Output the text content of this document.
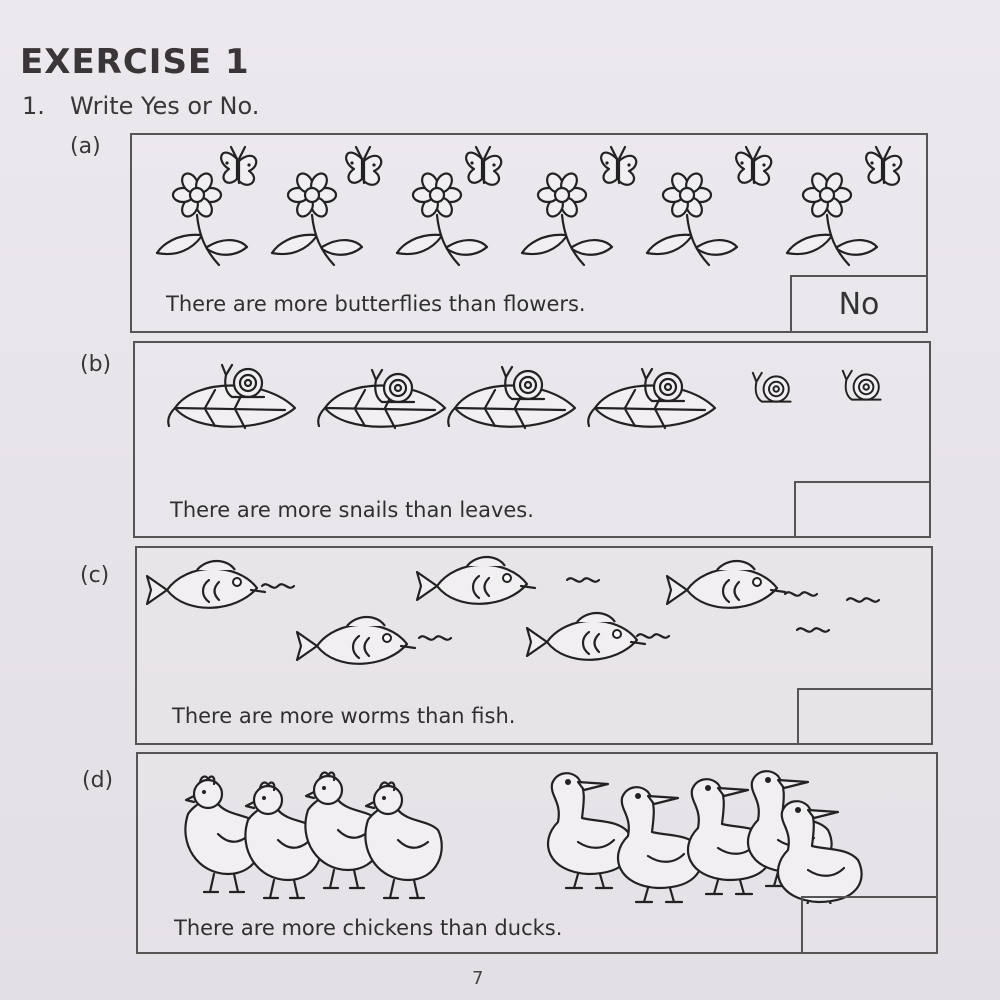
EXERCISE 1
1. Write Yes or No.
(a)
There are more butterflies than flowers.	No
(b)
There are more snails than leaves.
(c)
There are more worms than fish.
(d)
There are more chickens than ducks.
7
